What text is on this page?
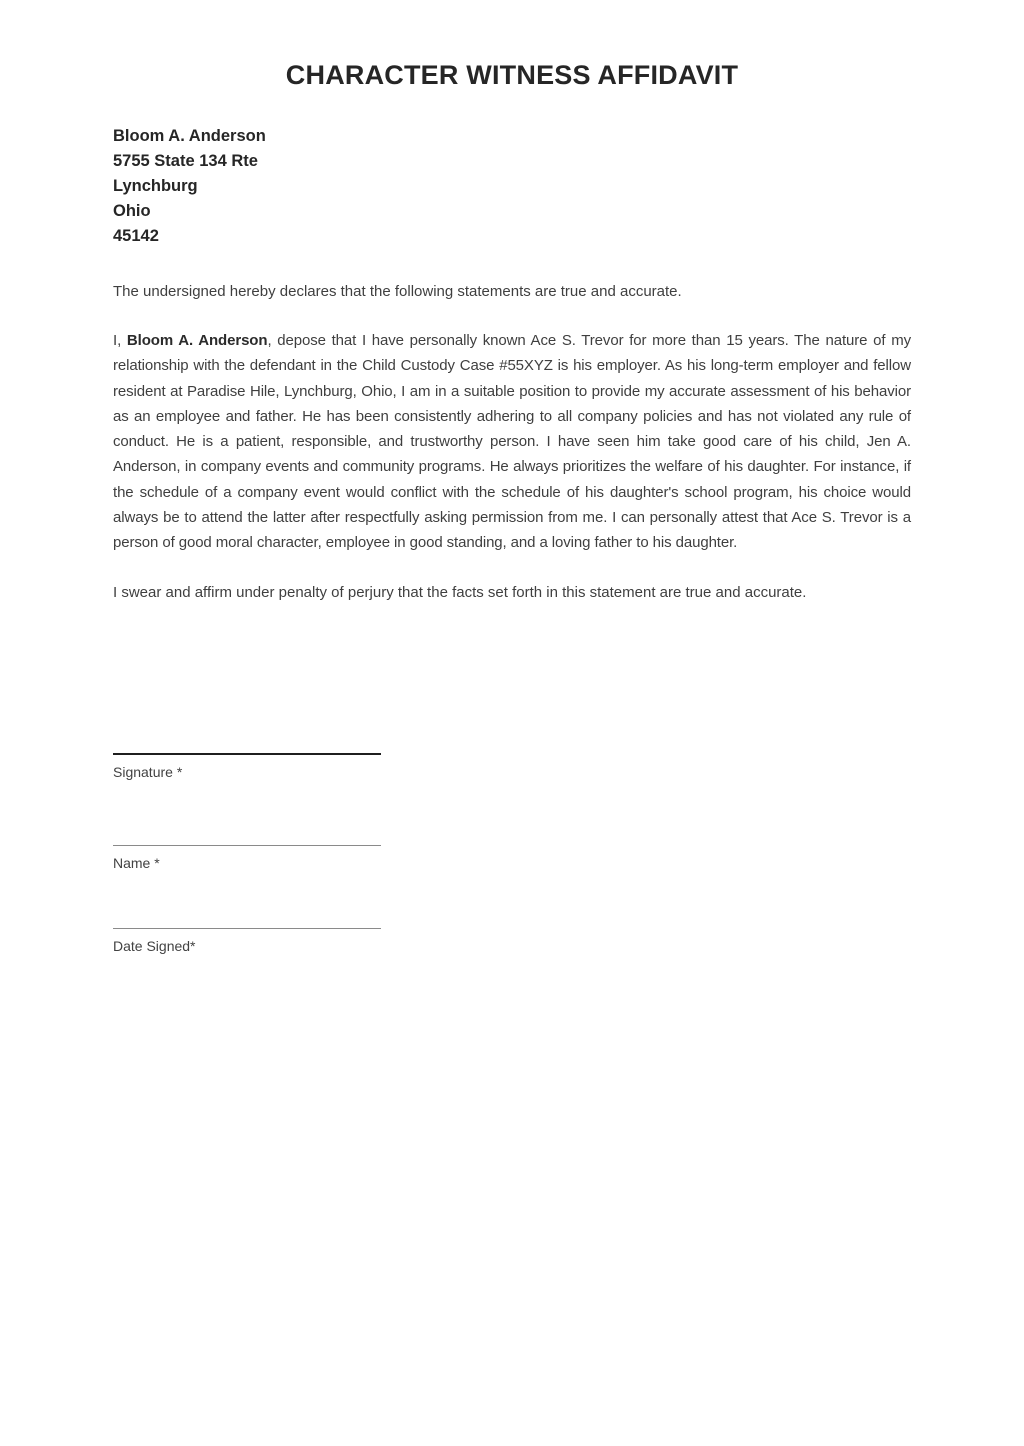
CHARACTER WITNESS AFFIDAVIT
Bloom A. Anderson
5755 State 134 Rte
Lynchburg
Ohio
45142

The undersigned hereby declares that the following statements are true and accurate.

I, Bloom A. Anderson, depose that I have personally known Ace S. Trevor for more than 15 years. The nature of my relationship with the defendant in the Child Custody Case #55XYZ is his employer. As his long-term employer and fellow resident at Paradise Hile, Lynchburg, Ohio, I am in a suitable position to provide my accurate assessment of his behavior as an employee and father. He has been consistently adhering to all company policies and has not violated any rule of conduct. He is a patient, responsible, and trustworthy person. I have seen him take good care of his child, Jen A. Anderson, in company events and community programs. He always prioritizes the welfare of his daughter. For instance, if the schedule of a company event would conflict with the schedule of his daughter's school program, his choice would always be to attend the latter after respectfully asking permission from me. I can personally attest that Ace S. Trevor is a person of good moral character, employee in good standing, and a loving father to his daughter.

I swear and affirm under penalty of perjury that the facts set forth in this statement are true and accurate.

Signature *
Name *
Date Signed*
